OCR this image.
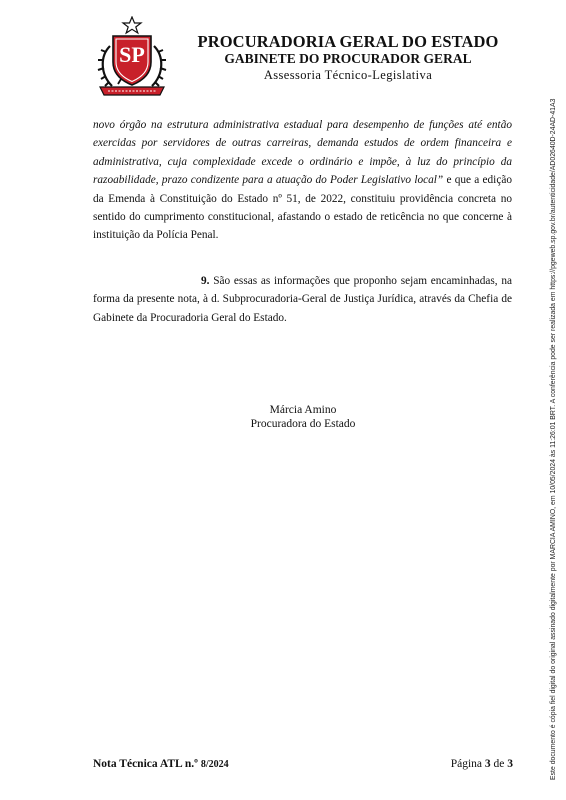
SP
PROCURADORIA GERAL DO ESTADO
GABINETE DO PROCURADOR GERAL
Assessoria Técnico-Legislativa
novo órgão na estrutura administrativa estadual para desempenho de funções até então exercidas por servidores de outras carreiras, demanda estudos de ordem financeira e administrativa, cuja complexidade excede o ordinário e impõe, à luz do princípio da razoabilidade, prazo condizente para a atuação do Poder Legislativo local” e que a edição da Emenda à Constituição do Estado nº 51, de 2022, constituiu providência concreta no sentido do cumprimento constitucional, afastando o estado de reticência no que concerne à instituição da Polícia Penal.
9. São essas as informações que proponho sejam encaminhadas, na forma da presente nota, à d. Subprocuradoria-Geral de Justiça Jurídica, através da Chefia de Gabinete da Procuradoria Geral do Estado.
Márcia Amino
Procuradora do Estado
Nota Técnica ATL n.º 8/2024	Página 3 de 3	Este documento é cópia fiel digital do original assinado digitalmente por MARCIA AMINO, em 10/05/2024 às 11:26:01 BRT. A conferência pode ser realizada em https://pgeweb.sp.gov.br/autenticidade/AD02640D-24AD-41A3
